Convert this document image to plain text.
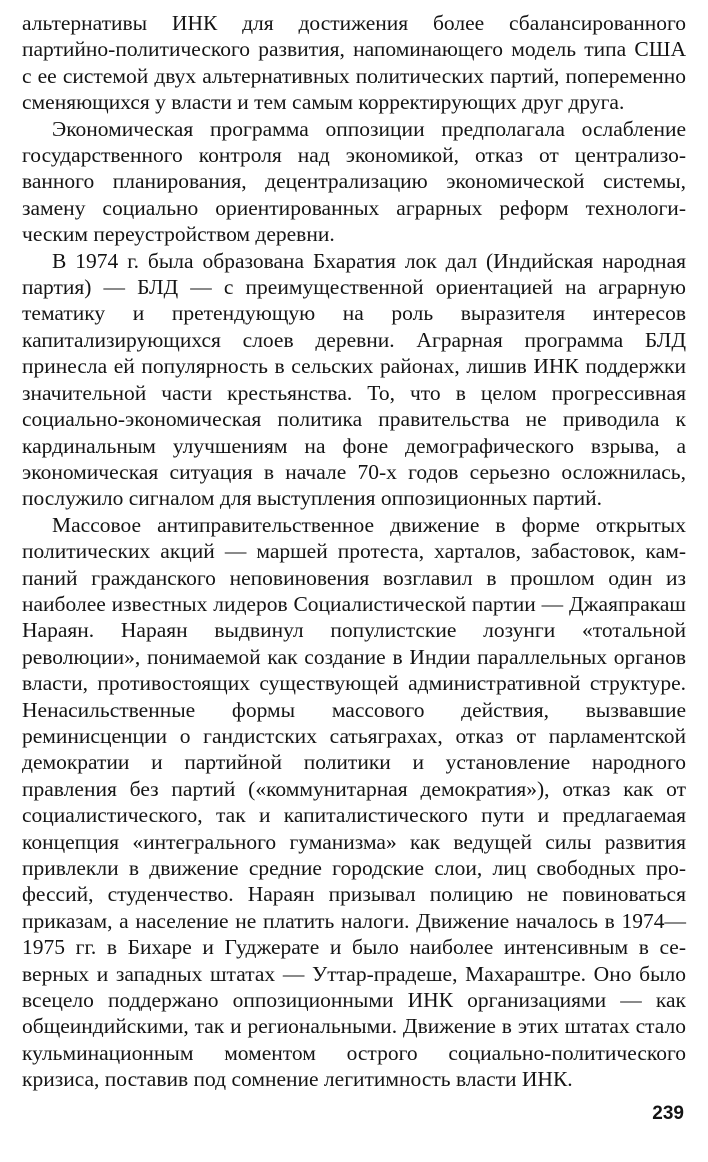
альтернативы ИНК для достижения более сбалансированного партийно-политического развития, напоминающего модель типа США с ее системой двух альтернативных политических партий, попеременно сменяющихся у власти и тем самым корректирующих друг друга.

Экономическая программа оппозиции предполагала ослабление государственного контроля над экономикой, отказ от централизованного планирования, децентрализацию экономической системы, замену социально ориентированных аграрных реформ технологическим переустройством деревни.

В 1974 г. была образована Бхаратия лок дал (Индийская народная партия) — БЛД — с преимущественной ориентацией на аграрную тематику и претендующую на роль выразителя интересов капитализирующихся слоев деревни. Аграрная программа БЛД принесла ей популярность в сельских районах, лишив ИНК поддержки значительной части крестьянства. То, что в целом прогрессивная социально-экономическая политика правительства не приводила к кардинальным улучшениям на фоне демографического взрыва, а экономическая ситуация в начале 70-х годов серьезно осложнилась, послужило сигналом для выступления оппозиционных партий.

Массовое антиправительственное движение в форме открытых политических акций — маршей протеста, харталов, забастовок, кампаний гражданского неповиновения возглавил в прошлом один из наиболее известных лидеров Социалистической партии — Джаяпракаш Нараян. Нараян выдвинул популистские лозунги «тотальной революции», понимаемой как создание в Индии параллельных органов власти, противостоящих существующей административной структуре. Ненасильственные формы массового действия, вызвавшие реминисценции о гандистских сатьяграхах, отказ от парламентской демократии и партийной политики и установление народного правления без партий («коммунитарная демократия»), отказ как от социалистического, так и капиталистического пути и предлагаемая концепция «интегрального гуманизма» как ведущей силы развития привлекли в движение средние городские слои, лиц свободных профессий, студенчество. Нараян призывал полицию не повиноваться приказам, а население не платить налоги. Движение началось в 1974—1975 гг. в Бихаре и Гуджерате и было наиболее интенсивным в северных и западных штатах — Уттар-прадеше, Махараштре. Оно было всецело поддержано оппозиционными ИНК организациями — как общеиндийскими, так и региональными. Движение в этих штатах стало кульминационным моментом острого социально-политического кризиса, поставив под сомнение легитимность власти ИНК.

239
